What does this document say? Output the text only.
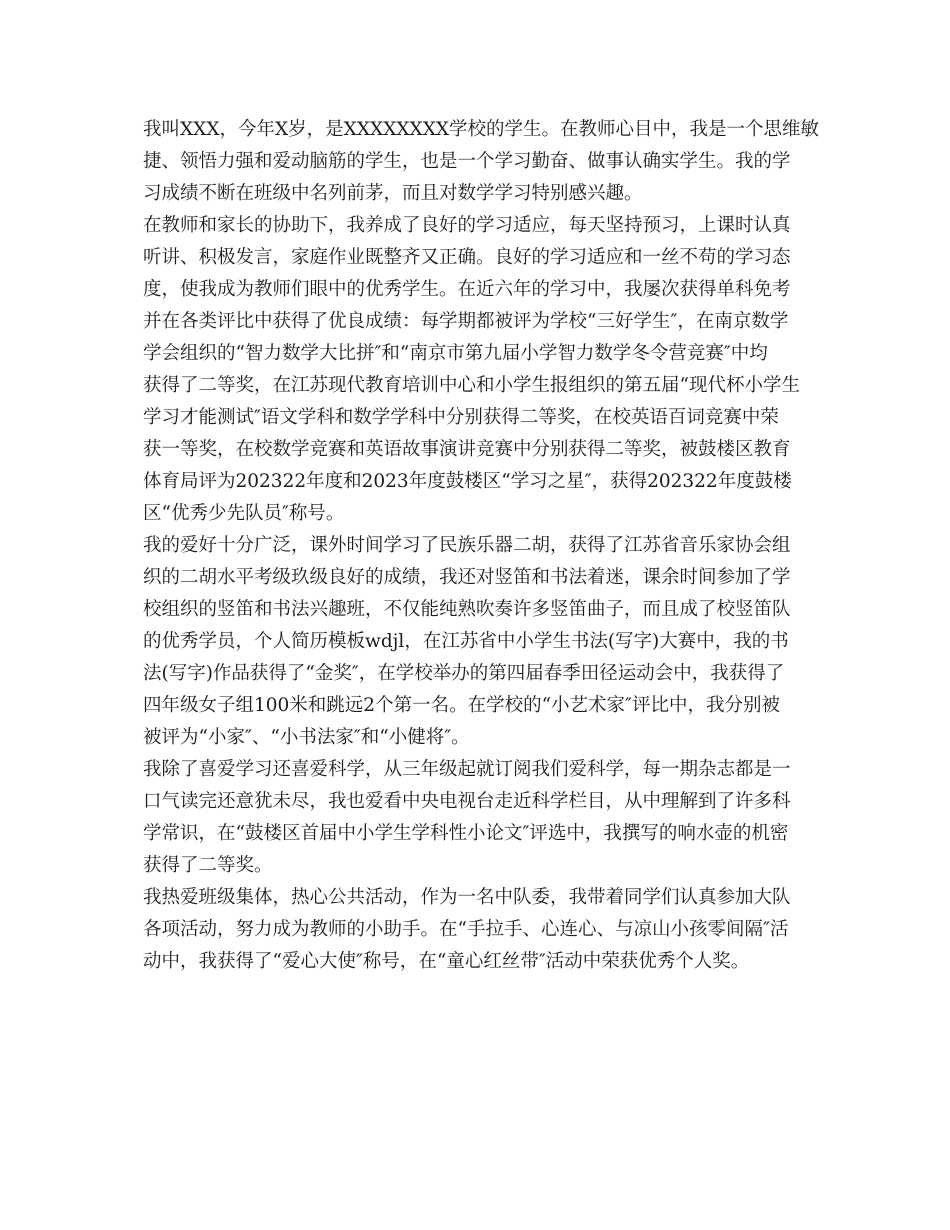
我叫XXX，今年X岁，是XXXXXXXX学校的学生。在教师心目中，我是一个思维敏
捷、领悟力强和爱动脑筋的学生，也是一个学习勤奋、做事认确实学生。我的学
习成绩不断在班级中名列前茅，而且对数学学习特别感兴趣。
在教师和家长的协助下，我养成了良好的学习适应，每天坚持预习，上课时认真
听讲、积极发言，家庭作业既整齐又正确。良好的学习适应和一丝不苟的学习态
度，使我成为教师们眼中的优秀学生。在近六年的学习中，我屡次获得单科免考
并在各类评比中获得了优良成绩：每学期都被评为学校“三好学生″，在南京数学
学会组织的“智力数学大比拼″和“南京市第九届小学智力数学冬令营竞赛″中均
获得了二等奖，在江苏现代教育培训中心和小学生报组织的第五届“现代杯小学生
学习才能测试″语文学科和数学学科中分别获得二等奖，在校英语百词竞赛中荣
获一等奖，在校数学竞赛和英语故事演讲竞赛中分别获得二等奖，被鼓楼区教育
体育局评为202322年度和2023年度鼓楼区“学习之星″，获得202322年度鼓楼
区“优秀少先队员″称号。
我的爱好十分广泛，课外时间学习了民族乐器二胡，获得了江苏省音乐家协会组
织的二胡水平考级玖级良好的成绩，我还对竖笛和书法着迷，课余时间参加了学
校组织的竖笛和书法兴趣班，不仅能纯熟吹奏许多竖笛曲子，而且成了校竖笛队
的优秀学员，个人简历模板wdjl，在江苏省中小学生书法(写字)大赛中，我的书
法(写字)作品获得了“金奖″，在学校举办的第四届春季田径运动会中，我获得了
四年级女子组100米和跳远2个第一名。在学校的“小艺术家″评比中，我分别被
被评为“小家″、“小书法家″和“小健将″。
我除了喜爱学习还喜爱科学，从三年级起就订阅我们爱科学，每一期杂志都是一
口气读完还意犹未尽，我也爱看中央电视台走近科学栏目，从中理解到了许多科
学常识，在“鼓楼区首届中小学生学科性小论文″评选中，我撰写的响水壶的机密
获得了二等奖。
我热爱班级集体，热心公共活动，作为一名中队委，我带着同学们认真参加大队
各项活动，努力成为教师的小助手。在“手拉手、心连心、与凉山小孩零间隔″活
动中，我获得了“爱心大使″称号，在“童心红丝带″活动中荣获优秀个人奖。
